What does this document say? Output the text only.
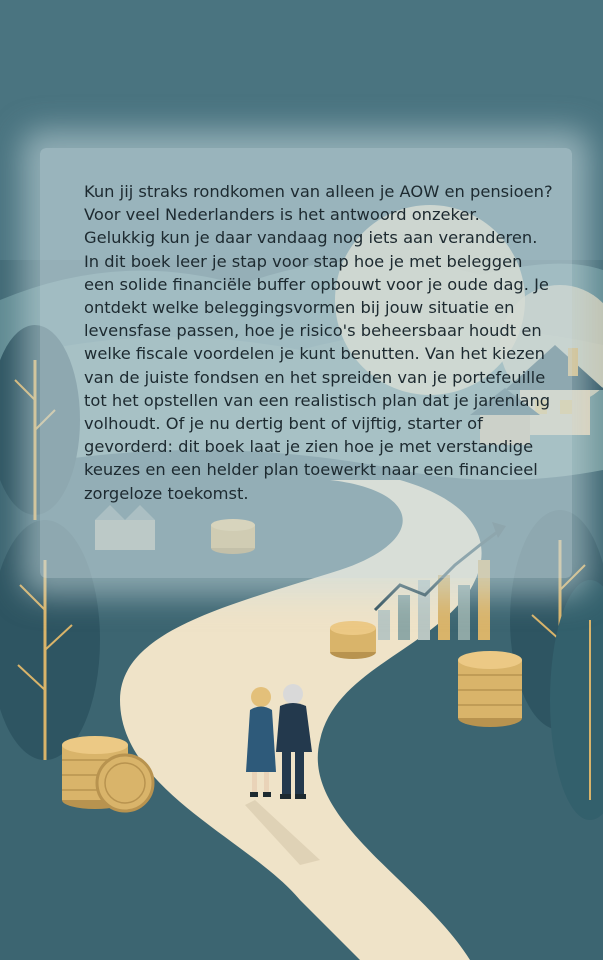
Kun jij straks rondkomen van alleen je AOW en pensioen? Voor veel Nederlanders is het antwoord onzeker. Gelukkig kun je daar vandaag nog iets aan veranderen. In dit boek leer je stap voor stap hoe je met beleggen een solide financiële buffer opbouwt voor je oude dag. Je ontdekt welke beleggingsvormen bij jouw situatie en levensfase passen, hoe je risico's beheersbaar houdt en welke fiscale voordelen je kunt benutten. Van het kiezen van de juiste fondsen en het spreiden van je portefeuille tot het opstellen van een realistisch plan dat je jarenlang volhoudt. Of je nu dertig bent of vijftig, starter of gevorderd: dit boek laat je zien hoe je met verstandige keuzes en een helder plan toewerkt naar een financieel zorgeloze toekomst.
